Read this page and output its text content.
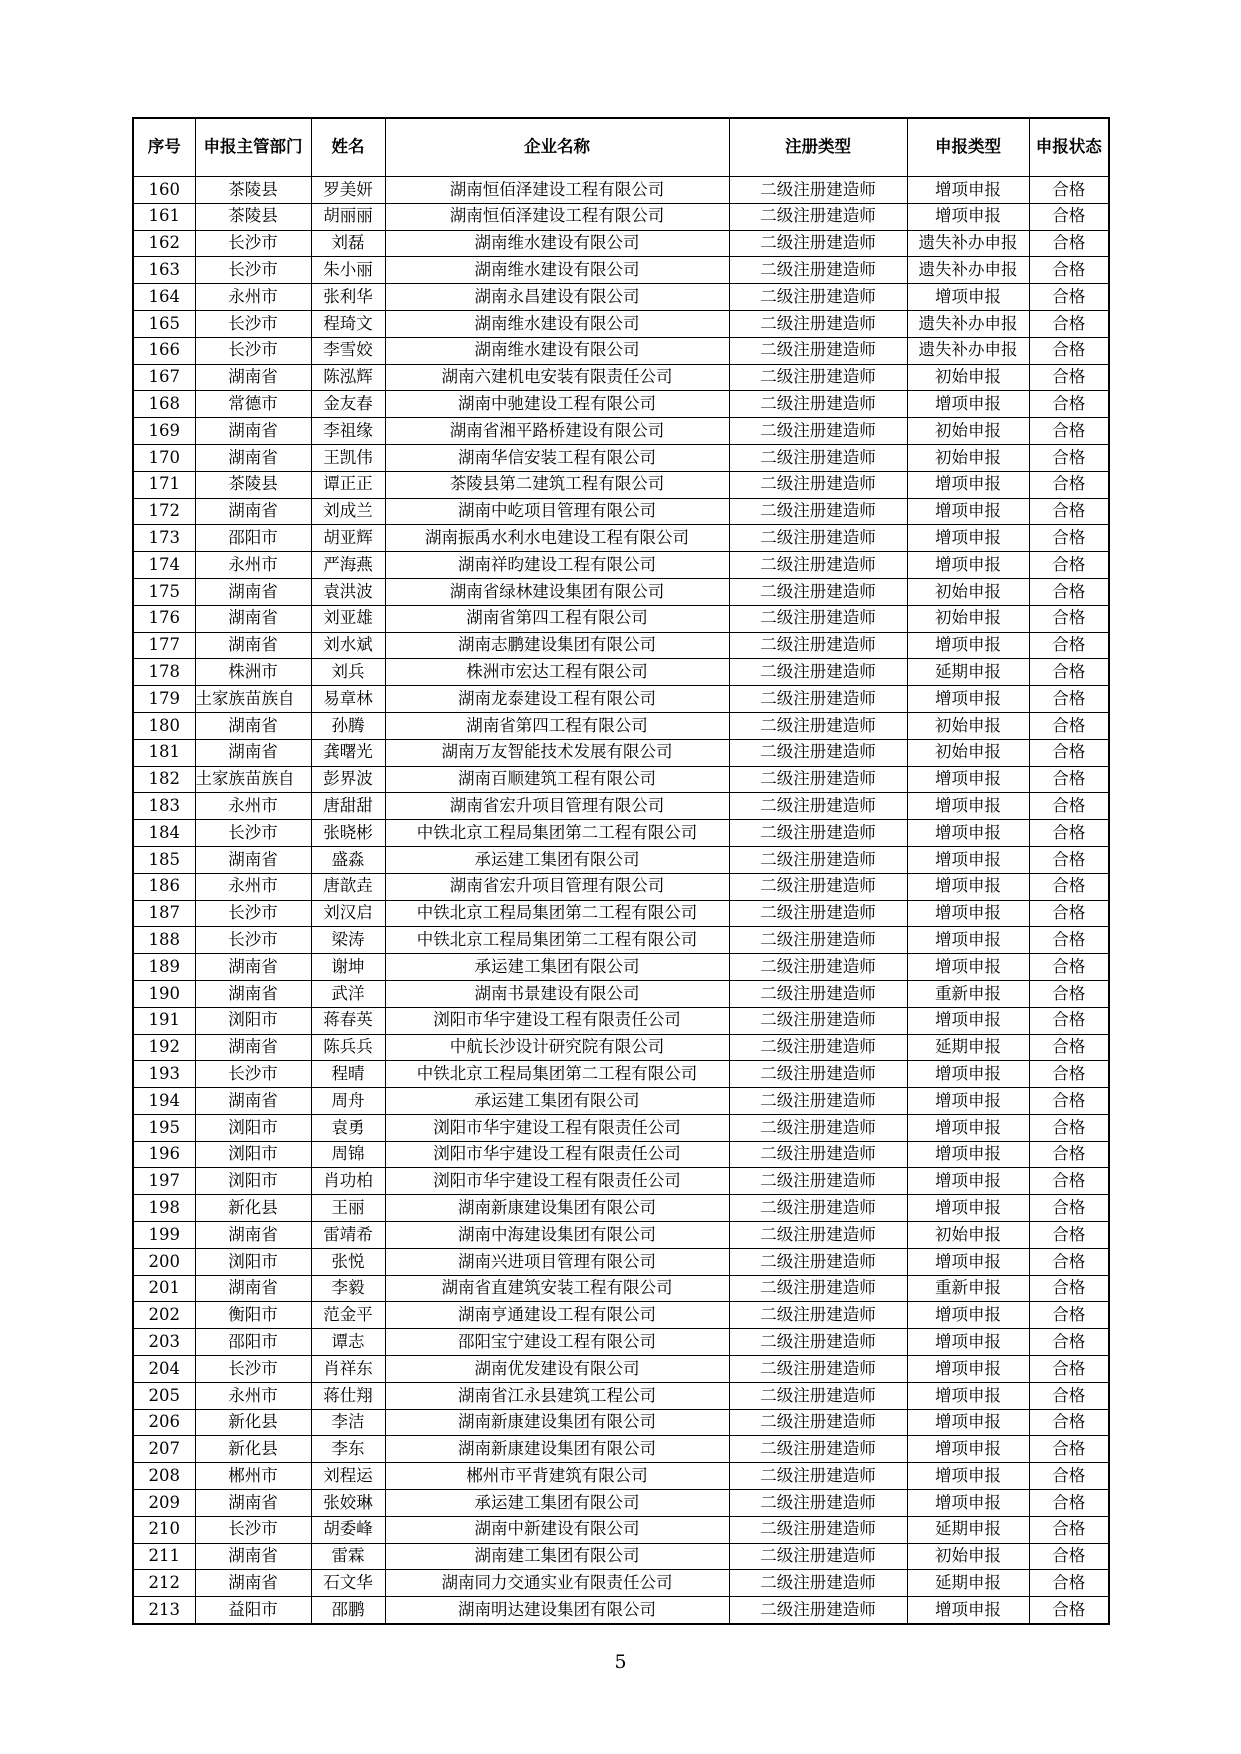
序号	申报主管部门	姓名	企业名称	注册类型	申报类型	申报状态
160	茶陵县	罗美妍	湖南恒佰泽建设工程有限公司	二级注册建造师	增项申报	合格
161	茶陵县	胡丽丽	湖南恒佰泽建设工程有限公司	二级注册建造师	增项申报	合格
162	长沙市	刘磊	湖南维水建设有限公司	二级注册建造师	遗失补办申报	合格
163	长沙市	朱小丽	湖南维水建设有限公司	二级注册建造师	遗失补办申报	合格
164	永州市	张利华	湖南永昌建设有限公司	二级注册建造师	增项申报	合格
165	长沙市	程琦文	湖南维水建设有限公司	二级注册建造师	遗失补办申报	合格
166	长沙市	李雪姣	湖南维水建设有限公司	二级注册建造师	遗失补办申报	合格
167	湖南省	陈泓辉	湖南六建机电安装有限责任公司	二级注册建造师	初始申报	合格
168	常德市	金友春	湖南中驰建设工程有限公司	二级注册建造师	增项申报	合格
169	湖南省	李祖缘	湖南省湘平路桥建设有限公司	二级注册建造师	初始申报	合格
170	湖南省	王凯伟	湖南华信安装工程有限公司	二级注册建造师	初始申报	合格
171	茶陵县	谭正正	茶陵县第二建筑工程有限公司	二级注册建造师	增项申报	合格
172	湖南省	刘成兰	湖南中屹项目管理有限公司	二级注册建造师	增项申报	合格
173	邵阳市	胡亚辉	湖南振禹水利水电建设工程有限公司	二级注册建造师	增项申报	合格
174	永州市	严海燕	湖南祥昀建设工程有限公司	二级注册建造师	增项申报	合格
175	湖南省	袁洪波	湖南省绿林建设集团有限公司	二级注册建造师	初始申报	合格
176	湖南省	刘亚雄	湖南省第四工程有限公司	二级注册建造师	初始申报	合格
177	湖南省	刘水斌	湖南志鹏建设集团有限公司	二级注册建造师	增项申报	合格
178	株洲市	刘兵	株洲市宏达工程有限公司	二级注册建造师	延期申报	合格
179	土家族苗族自	易章林	湖南龙泰建设工程有限公司	二级注册建造师	增项申报	合格
180	湖南省	孙腾	湖南省第四工程有限公司	二级注册建造师	初始申报	合格
181	湖南省	龚曙光	湖南万友智能技术发展有限公司	二级注册建造师	初始申报	合格
182	土家族苗族自	彭界波	湖南百顺建筑工程有限公司	二级注册建造师	增项申报	合格
183	永州市	唐甜甜	湖南省宏升项目管理有限公司	二级注册建造师	增项申报	合格
184	长沙市	张晓彬	中铁北京工程局集团第二工程有限公司	二级注册建造师	增项申报	合格
185	湖南省	盛淼	承运建工集团有限公司	二级注册建造师	增项申报	合格
186	永州市	唐歆垚	湖南省宏升项目管理有限公司	二级注册建造师	增项申报	合格
187	长沙市	刘汉启	中铁北京工程局集团第二工程有限公司	二级注册建造师	增项申报	合格
188	长沙市	梁涛	中铁北京工程局集团第二工程有限公司	二级注册建造师	增项申报	合格
189	湖南省	谢坤	承运建工集团有限公司	二级注册建造师	增项申报	合格
190	湖南省	武洋	湖南书景建设有限公司	二级注册建造师	重新申报	合格
191	浏阳市	蒋春英	浏阳市华宇建设工程有限责任公司	二级注册建造师	增项申报	合格
192	湖南省	陈兵兵	中航长沙设计研究院有限公司	二级注册建造师	延期申报	合格
193	长沙市	程晴	中铁北京工程局集团第二工程有限公司	二级注册建造师	增项申报	合格
194	湖南省	周舟	承运建工集团有限公司	二级注册建造师	增项申报	合格
195	浏阳市	袁勇	浏阳市华宇建设工程有限责任公司	二级注册建造师	增项申报	合格
196	浏阳市	周锦	浏阳市华宇建设工程有限责任公司	二级注册建造师	增项申报	合格
197	浏阳市	肖功柏	浏阳市华宇建设工程有限责任公司	二级注册建造师	增项申报	合格
198	新化县	王丽	湖南新康建设集团有限公司	二级注册建造师	增项申报	合格
199	湖南省	雷靖希	湖南中海建设集团有限公司	二级注册建造师	初始申报	合格
200	浏阳市	张悦	湖南兴进项目管理有限公司	二级注册建造师	增项申报	合格
201	湖南省	李毅	湖南省直建筑安装工程有限公司	二级注册建造师	重新申报	合格
202	衡阳市	范金平	湖南亨通建设工程有限公司	二级注册建造师	增项申报	合格
203	邵阳市	谭志	邵阳宝宁建设工程有限公司	二级注册建造师	增项申报	合格
204	长沙市	肖祥东	湖南优发建设有限公司	二级注册建造师	增项申报	合格
205	永州市	蒋仕翔	湖南省江永县建筑工程公司	二级注册建造师	增项申报	合格
206	新化县	李洁	湖南新康建设集团有限公司	二级注册建造师	增项申报	合格
207	新化县	李东	湖南新康建设集团有限公司	二级注册建造师	增项申报	合格
208	郴州市	刘程运	郴州市平背建筑有限公司	二级注册建造师	增项申报	合格
209	湖南省	张姣琳	承运建工集团有限公司	二级注册建造师	增项申报	合格
210	长沙市	胡委峰	湖南中新建设有限公司	二级注册建造师	延期申报	合格
211	湖南省	雷霖	湖南建工集团有限公司	二级注册建造师	初始申报	合格
212	湖南省	石文华	湖南同力交通实业有限责任公司	二级注册建造师	延期申报	合格
213	益阳市	邵鹏	湖南明达建设集团有限公司	二级注册建造师	增项申报	合格
5
